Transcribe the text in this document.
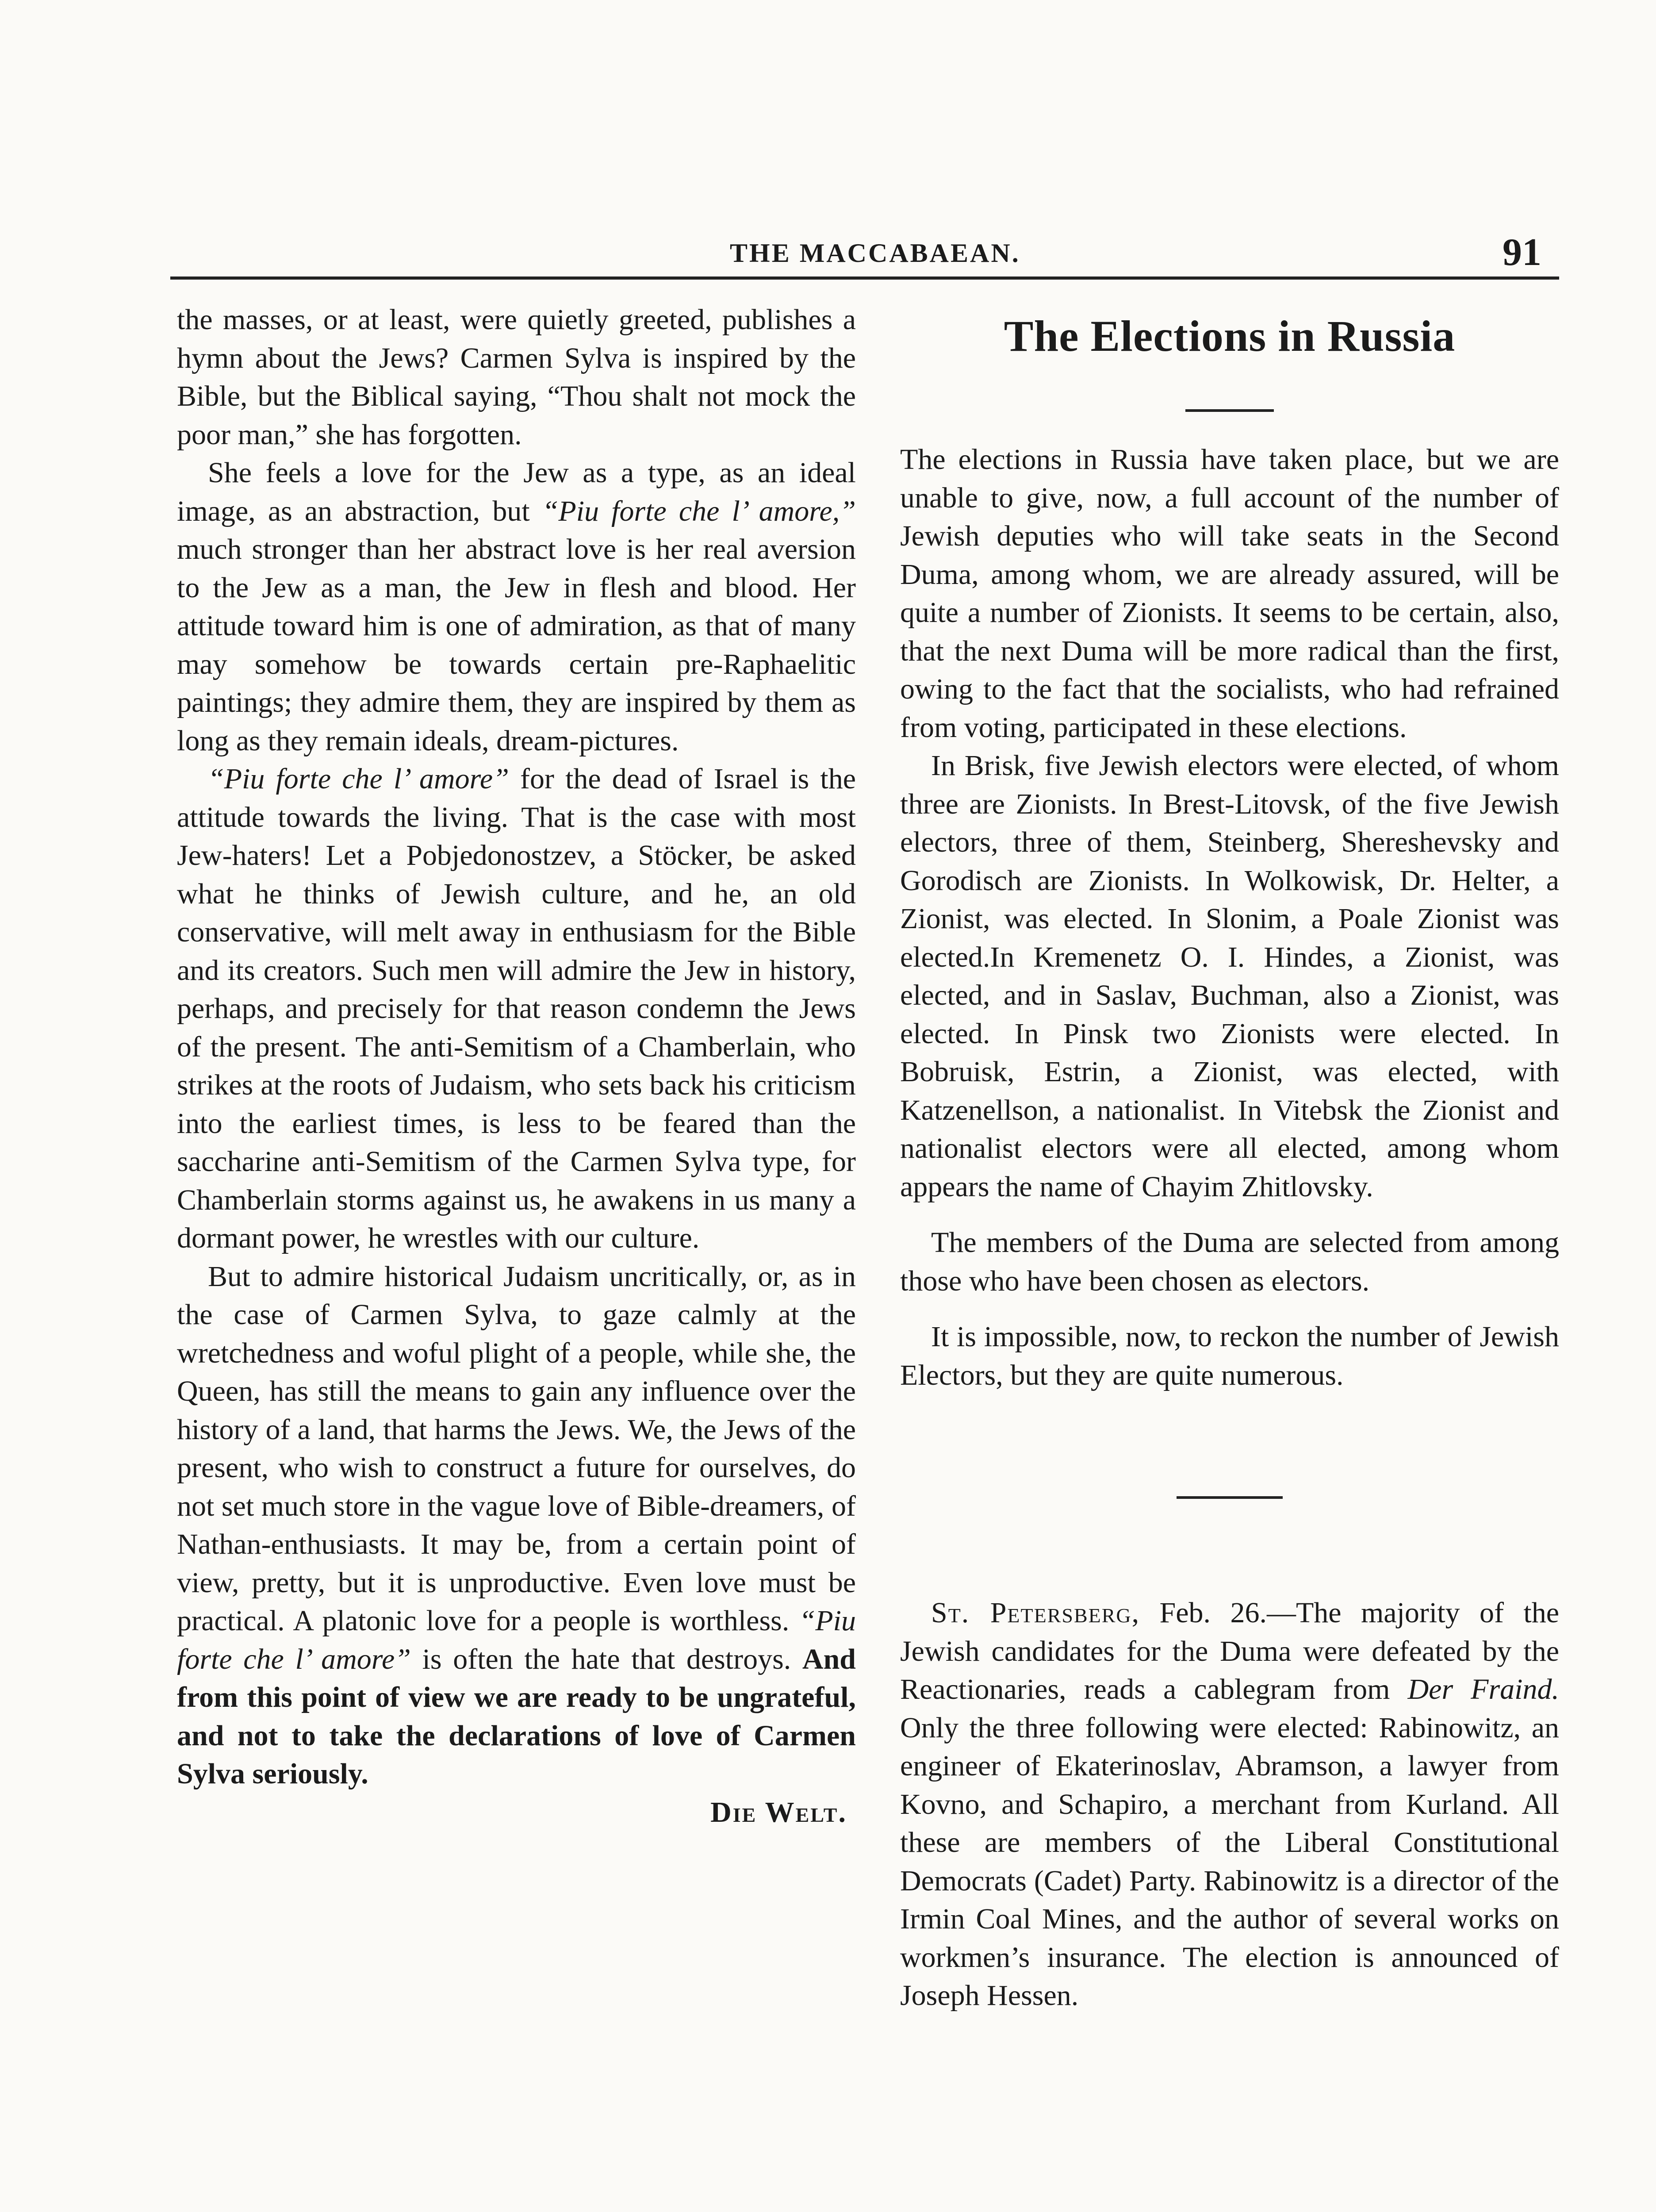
THE MACCABAEAN.	91

the masses, or at least, were quietly greeted, publishes a hymn about the Jews? Carmen Sylva is inspired by the Bible, but the Biblical saying, “Thou shalt not mock the poor man,” she has forgotten.

She feels a love for the Jew as a type, as an ideal image, as an abstraction, but “Piu forte che l’ amore,” much stronger than her abstract love is her real aversion to the Jew as a man, the Jew in flesh and blood. Her attitude toward him is one of admiration, as that of many may somehow be towards certain pre-Raphaelitic paintings; they admire them, they are inspired by them as long as they remain ideals, dream-pictures.

“Piu forte che l’ amore” for the dead of Israel is the attitude towards the living. That is the case with most Jew-haters! Let a Pobjedonostzev, a Stöcker, be asked what he thinks of Jewish culture, and he, an old conservative, will melt away in enthusiasm for the Bible and its creators. Such men will admire the Jew in history, perhaps, and precisely for that reason condemn the Jews of the present. The anti-Semitism of a Chamberlain, who strikes at the roots of Judaism, who sets back his criticism into the earliest times, is less to be feared than the saccharine anti-Semitism of the Carmen Sylva type, for Chamberlain storms against us, he awakens in us many a dormant power, he wrestles with our culture.

But to admire historical Judaism uncritically, or, as in the case of Carmen Sylva, to gaze calmly at the wretchedness and woful plight of a people, while she, the Queen, has still the means to gain any influence over the history of a land, that harms the Jews. We, the Jews of the present, who wish to construct a future for ourselves, do not set much store in the vague love of Bible-dreamers, of Nathan-enthusiasts. It may be, from a certain point of view, pretty, but it is unproductive. Even love must be practical. A platonic love for a people is worthless. “Piu forte che l’ amore” is often the hate that destroys. And from this point of view we are ready to be ungrateful, and not to take the declarations of love of Carmen Sylva seriously.

Die Welt.
The Elections in Russia

The elections in Russia have taken place, but we are unable to give, now, a full account of the number of Jewish deputies who will take seats in the Second Duma, among whom, we are already assured, will be quite a number of Zionists. It seems to be certain, also, that the next Duma will be more radical than the first, owing to the fact that the socialists, who had refrained from voting, participated in these elections.

In Brisk, five Jewish electors were elected, of whom three are Zionists. In Brest-Litovsk, of the five Jewish electors, three of them, Steinberg, Shereshevsky and Gorodisch are Zionists. In Wolkowisk, Dr. Helter, a Zionist, was elected. In Slonim, a Poale Zionist was elected.In Kremenetz O. I. Hindes, a Zionist, was elected, and in Saslav, Buchman, also a Zionist, was elected. In Pinsk two Zionists were elected. In Bobruisk, Estrin, a Zionist, was elected, with Katzenellson, a nationalist. In Vitebsk the Zionist and nationalist electors were all elected, among whom appears the name of Chayim Zhitlovsky.

The members of the Duma are selected from among those who have been chosen as electors.

It is impossible, now, to reckon the number of Jewish Electors, but they are quite numerous.

St. Petersberg, Feb. 26.—The majority of the Jewish candidates for the Duma were defeated by the Reactionaries, reads a cablegram from Der Fraind. Only the three following were elected: Rabinowitz, an engineer of Ekaterinoslav, Abramson, a lawyer from Kovno, and Schapiro, a merchant from Kurland. All these are members of the Liberal Constitutional Democrats (Cadet) Party. Rabinowitz is a director of the Irmin Coal Mines, and the author of several works on workmen’s insurance. The election is announced of Joseph Hessen.
